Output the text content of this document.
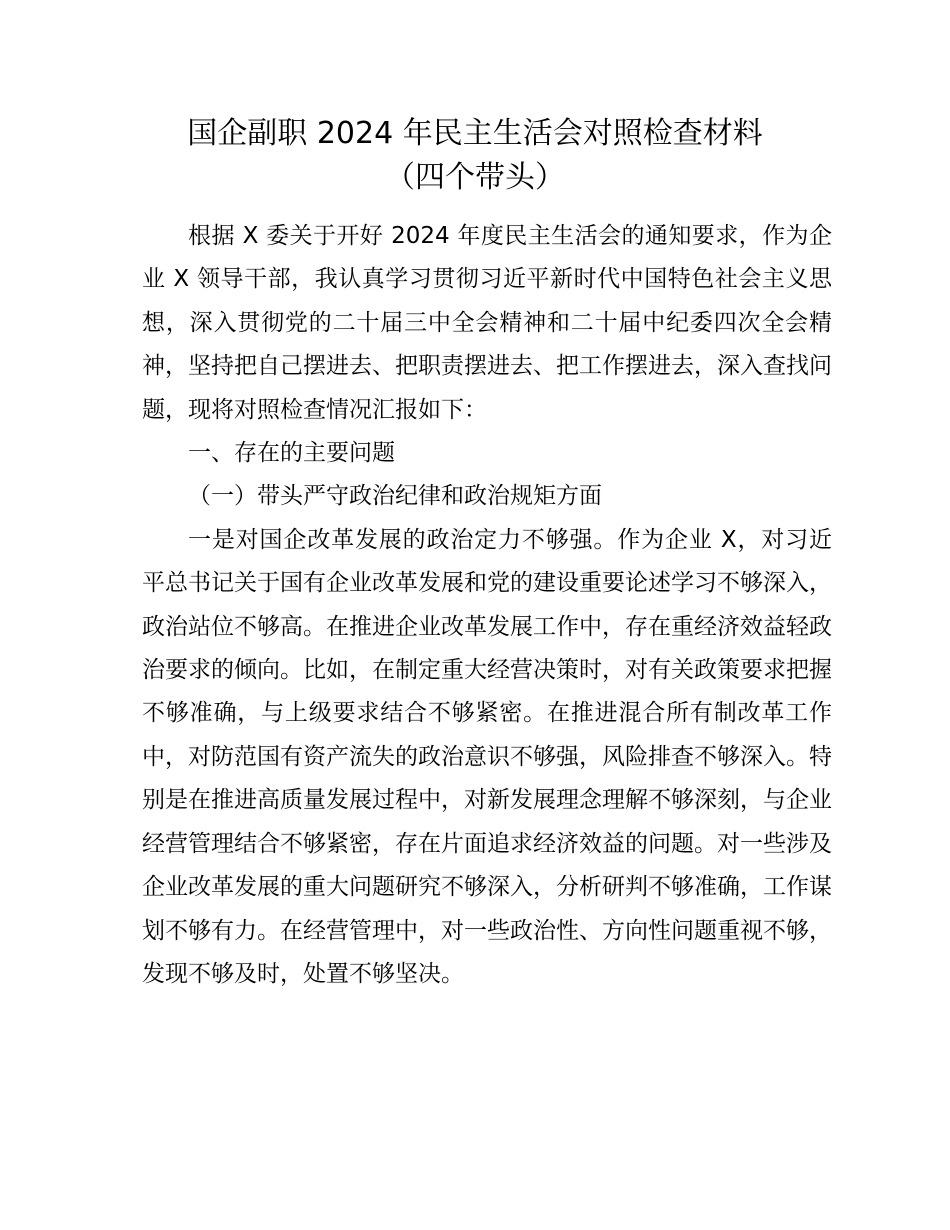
国企副职 2024 年民主生活会对照检查材料
（四个带头）

根据 X 委关于开好 2024 年度民主生活会的通知要求，作为企业 X 领导干部，我认真学习贯彻习近平新时代中国特色社会主义思想，深入贯彻党的二十届三中全会精神和二十届中纪委四次全会精神，坚持把自己摆进去、把职责摆进去、把工作摆进去，深入查找问题，现将对照检查情况汇报如下：

一、存在的主要问题

（一）带头严守政治纪律和政治规矩方面

一是对国企改革发展的政治定力不够强。作为企业 X，对习近平总书记关于国有企业改革发展和党的建设重要论述学习不够深入，政治站位不够高。在推进企业改革发展工作中，存在重经济效益轻政治要求的倾向。比如，在制定重大经营决策时，对有关政策要求把握不够准确，与上级要求结合不够紧密。在推进混合所有制改革工作中，对防范国有资产流失的政治意识不够强，风险排查不够深入。特别是在推进高质量发展过程中，对新发展理念理解不够深刻，与企业经营管理结合不够紧密，存在片面追求经济效益的问题。对一些涉及企业改革发展的重大问题研究不够深入，分析研判不够准确，工作谋划不够有力。在经营管理中，对一些政治性、方向性问题重视不够，发现不够及时，处置不够坚决。
